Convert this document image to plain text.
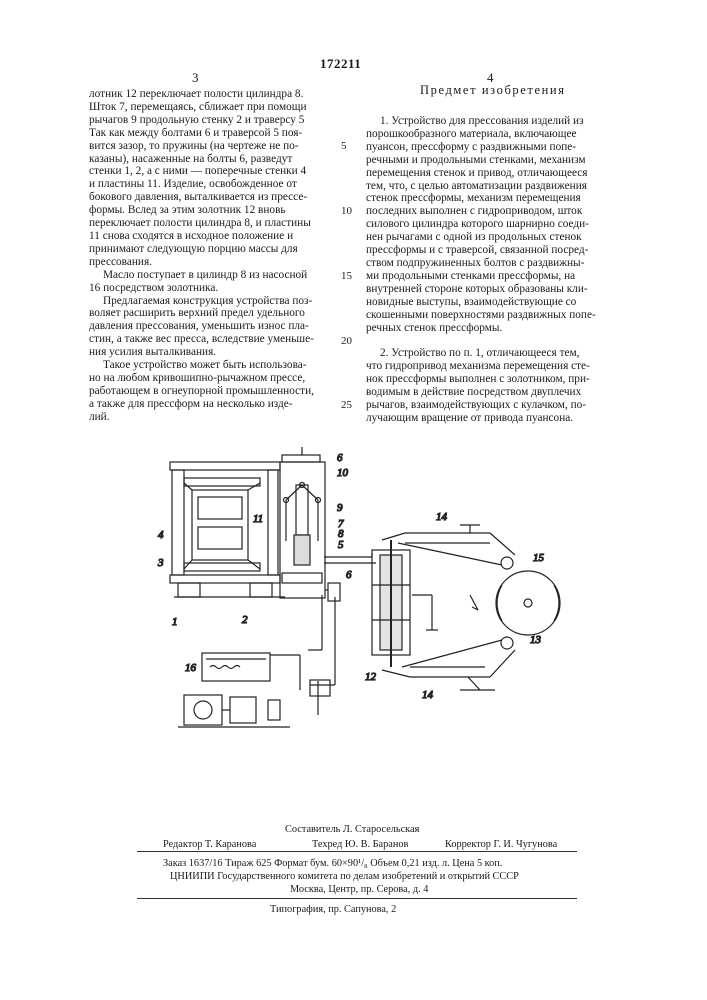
172211
3	4
Предмет изобретения
лотник 12 переключает полости цилиндра 8.
Шток 7, перемещаясь, сближает при помощи
рычагов 9 продольную стенку 2 и траверсу 5
Так как между болтами 6 и траверсой 5 поя-
вится зазор, то пружины (на чертеже не по-
казаны), насаженные на болты 6, разведут
стенки 1, 2, а с ними — поперечные стенки 4
и пластины 11. Изделие, освобожденное от
бокового давления, выталкивается из прессе-
формы. Вслед за этим золотник 12 вновь
переключает полости цилиндра 8, и пластины
11 снова сходятся в исходное положение и
принимают следующую порцию массы для
прессования.
Масло поступает в цилиндр 8 из насосной
16 посредством золотника.
Предлагаемая конструкция устройства поз-
воляет расширить верхний предел удельного
давления прессования, уменьшить износ пла-
стин, а также вес пресса, вследствие уменьше-
ния усилия выталкивания.
Такое устройство может быть использова-
но на любом кривошипно-рычажном прессе,
работающем в огнеупорной промышленности,
а также для прессформ на несколько изде-
лий.
5
10
15
20
25
1. Устройство для прессования изделий из
порошкообразного материала, включающее
пуансон, прессформу с раздвижными попе-
речными и продольными стенками, механизм
перемещения стенок и привод, отличающееся
тем, что, с целью автоматизации раздвижения
стенок прессформы, механизм перемещения
последних выполнен с гидроприводом, шток
силового цилиндра которого шарнирно соеди-
нен рычагами с одной из продольных стенок
прессформы и с траверсой, связанной посред-
ством подпружиненных болтов с раздвижны-
ми продольными стенками прессформы, на
внутренней стороне которых образованы кли-
новидные выступы, взаимодействующие со
скошенными поверхностями раздвижных попе-
речных стенок прессформы.
2. Устройство по п. 1, отличающееся тем,
что гидропривод механизма перемещения сте-
нок прессформы выполнен с золотником, при-
водимым в действие посредством двуплечих
рычагов, взаимодействующих с кулачком, по-
лучающим вращение от привода пуансона.
1	2
3
4
5
6
6
7
8
9
10
11
12
13
14
14
15
16
Составитель Л. Старосельская
Редактор Т. Каранова	Техред Ю. В. Баранов	Корректор Г. И. Чугунова
Заказ 1637/16 Тираж 625 Формат бум. 60×90¹/₈ Объем 0,21 изд. л. Цена 5 коп.
ЦНИИПИ Государственного комитета по делам изобретений и открытий СССР
Москва, Центр, пр. Серова, д. 4
Типография, пр. Сапунова, 2
